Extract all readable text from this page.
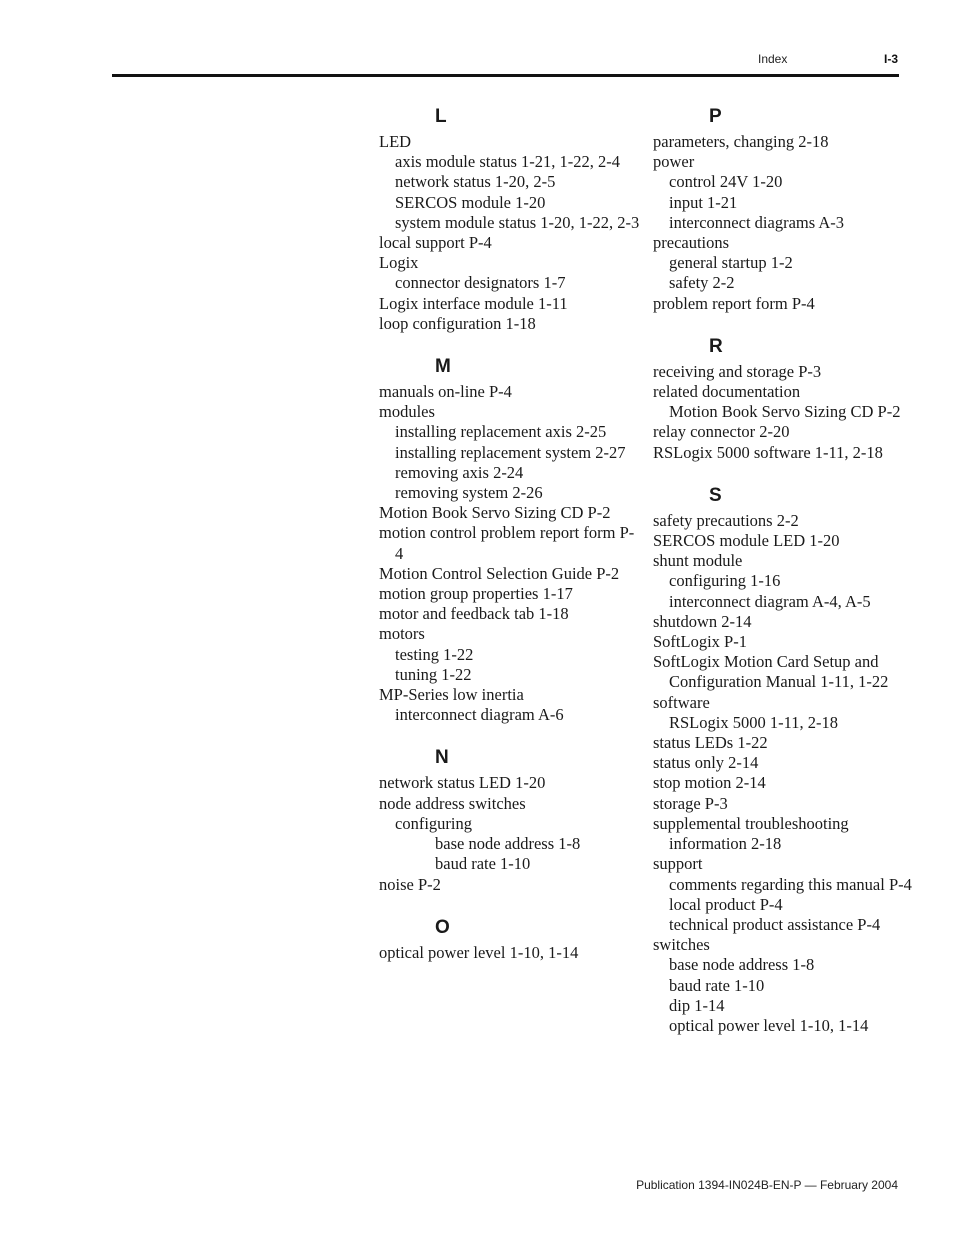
Index	I-3
L
LED
axis module status 1-21, 1-22, 2-4
network status 1-20, 2-5
SERCOS module 1-20
system module status 1-20, 1-22, 2-3
local support P-4
Logix
connector designators 1-7
Logix interface module 1-11
loop configuration 1-18
M
manuals on-line P-4
modules
installing replacement axis 2-25
installing replacement system 2-27
removing axis 2-24
removing system 2-26
Motion Book Servo Sizing CD P-2
motion control problem report form P-4
Motion Control Selection Guide P-2
motion group properties 1-17
motor and feedback tab 1-18
motors
testing 1-22
tuning 1-22
MP-Series low inertia
interconnect diagram A-6
N
network status LED 1-20
node address switches
configuring
base node address 1-8
baud rate 1-10
noise P-2
O
optical power level 1-10, 1-14
P
parameters, changing 2-18
power
control 24V 1-20
input 1-21
interconnect diagrams A-3
precautions
general startup 1-2
safety 2-2
problem report form P-4
R
receiving and storage P-3
related documentation
Motion Book Servo Sizing CD P-2
relay connector 2-20
RSLogix 5000 software 1-11, 2-18
S
safety precautions 2-2
SERCOS module LED 1-20
shunt module
configuring 1-16
interconnect diagram A-4, A-5
shutdown 2-14
SoftLogix P-1
SoftLogix Motion Card Setup and Configuration Manual 1-11, 1-22
software
RSLogix 5000 1-11, 2-18
status LEDs 1-22
status only 2-14
stop motion 2-14
storage P-3
supplemental troubleshooting information 2-18
support
comments regarding this manual P-4
local product P-4
technical product assistance P-4
switches
base node address 1-8
baud rate 1-10
dip 1-14
optical power level 1-10, 1-14
Publication 1394-IN024B-EN-P — February 2004
